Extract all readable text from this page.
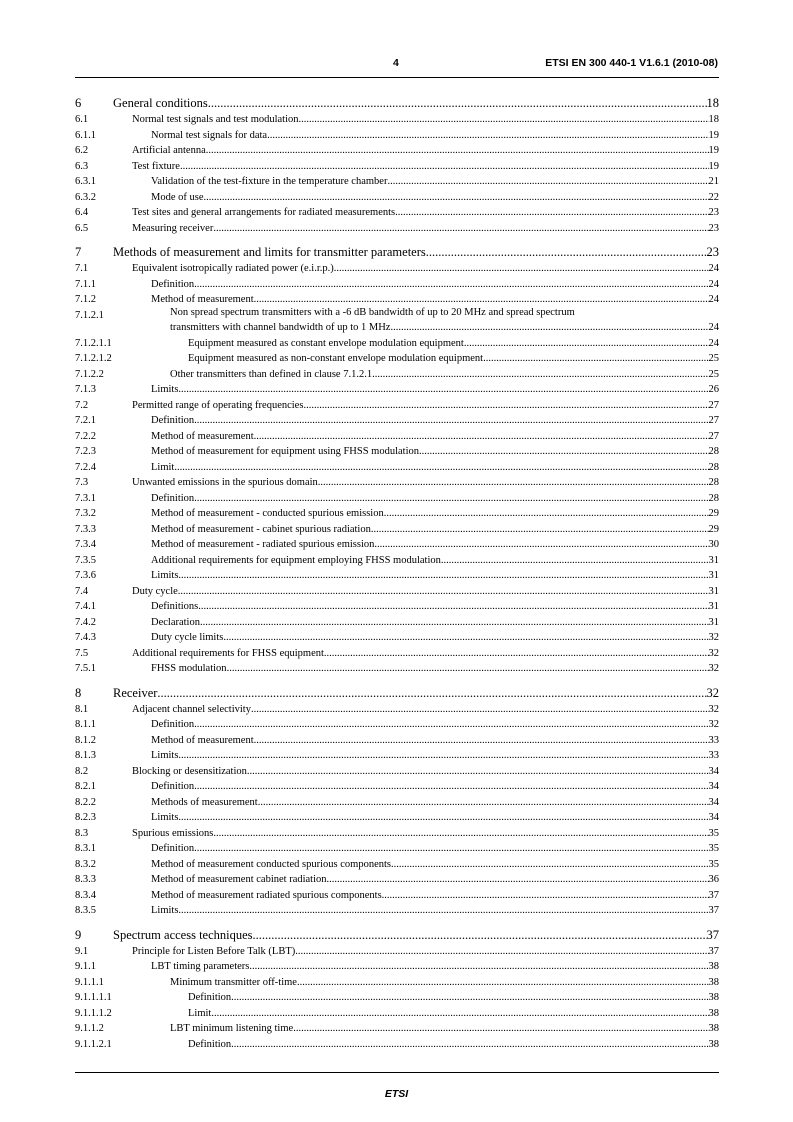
4	ETSI EN 300 440-1 V1.6.1 (2010-08)
6	General conditions .....	18
6.1	Normal test signals and test modulation .....	18
6.1.1	Normal test signals for data .....	19
6.2	Artificial antenna .....	19
6.3	Test fixture .....	19
6.3.1	Validation of the test-fixture in the temperature chamber .....	21
6.3.2	Mode of use .....	22
6.4	Test sites and general arrangements for radiated measurements .....	23
6.5	Measuring receiver .....	23
7	Methods of measurement and limits for transmitter parameters .....	23
7.1	Equivalent isotropically radiated power (e.i.r.p.) .....	24
7.1.1	Definition .....	24
7.1.2	Method of measurement .....	24
7.1.2.1	Non spread spectrum transmitters with a -6 dB bandwidth of up to 20 MHz and spread spectrum
transmitters with channel bandwidth of up to 1 MHz .....	24
7.1.2.1.1	Equipment measured as constant envelope modulation equipment .....	24
7.1.2.1.2	Equipment measured as non-constant envelope modulation equipment .....	25
7.1.2.2	Other transmitters than defined in clause 7.1.2.1 .....	25
7.1.3	Limits .....	26
7.2	Permitted range of operating frequencies .....	27
7.2.1	Definition .....	27
7.2.2	Method of measurement .....	27
7.2.3	Method of measurement for equipment using FHSS modulation .....	28
7.2.4	Limit .....	28
7.3	Unwanted emissions in the spurious domain .....	28
7.3.1	Definition .....	28
7.3.2	Method of measurement - conducted spurious emission .....	29
7.3.3	Method of measurement - cabinet spurious radiation .....	29
7.3.4	Method of measurement - radiated spurious emission .....	30
7.3.5	Additional requirements for equipment employing FHSS modulation .....	31
7.3.6	Limits .....	31
7.4	Duty cycle .....	31
7.4.1	Definitions .....	31
7.4.2	Declaration .....	31
7.4.3	Duty cycle limits .....	32
7.5	Additional requirements for FHSS equipment .....	32
7.5.1	FHSS modulation .....	32
8	Receiver .....	32
8.1	Adjacent channel selectivity .....	32
8.1.1	Definition .....	32
8.1.2	Method of measurement .....	33
8.1.3	Limits .....	33
8.2	Blocking or desensitization .....	34
8.2.1	Definition .....	34
8.2.2	Methods of measurement .....	34
8.2.3	Limits .....	34
8.3	Spurious emissions .....	35
8.3.1	Definition .....	35
8.3.2	Method of measurement conducted spurious components .....	35
8.3.3	Method of measurement cabinet radiation .....	36
8.3.4	Method of measurement radiated spurious components .....	37
8.3.5	Limits .....	37
9	Spectrum access techniques .....	37
9.1	Principle for Listen Before Talk (LBT) .....	37
9.1.1	LBT timing parameters .....	38
9.1.1.1	Minimum transmitter off-time .....	38
9.1.1.1.1	Definition .....	38
9.1.1.1.2	Limit .....	38
9.1.1.2	LBT minimum listening time .....	38
9.1.1.2.1	Definition .....	38
ETSI
